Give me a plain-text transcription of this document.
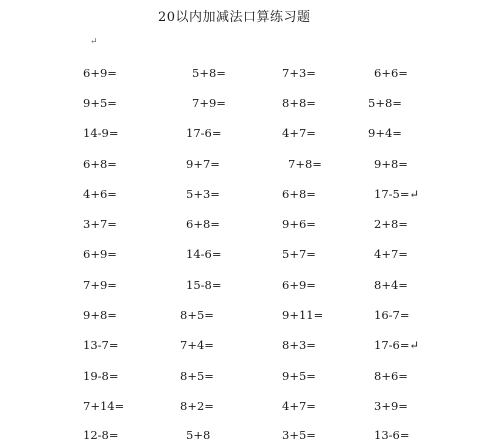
20以内加减法口算练习题
↵
6+9=	5+8=	7+3=	6+6=
9+5=	7+9=	8+8=	5+8=
14-9=	17-6=	4+7=	9+4=
6+8=	9+7=	7+8=	9+8=
4+6=	5+3=	6+8=	17-5=↵
3+7=	6+8=	9+6=	2+8=
6+9=	14-6=	5+7=	4+7=
7+9=	15-8=	6+9=	8+4=
9+8=	8+5=	9+11=	16-7=
13-7=	7+4=	8+3=	17-6=↵
19-8=	8+5=	9+5=	8+6=
7+14=	8+2=	4+7=	3+9=
12-8=	5+8	3+5=	13-6=
